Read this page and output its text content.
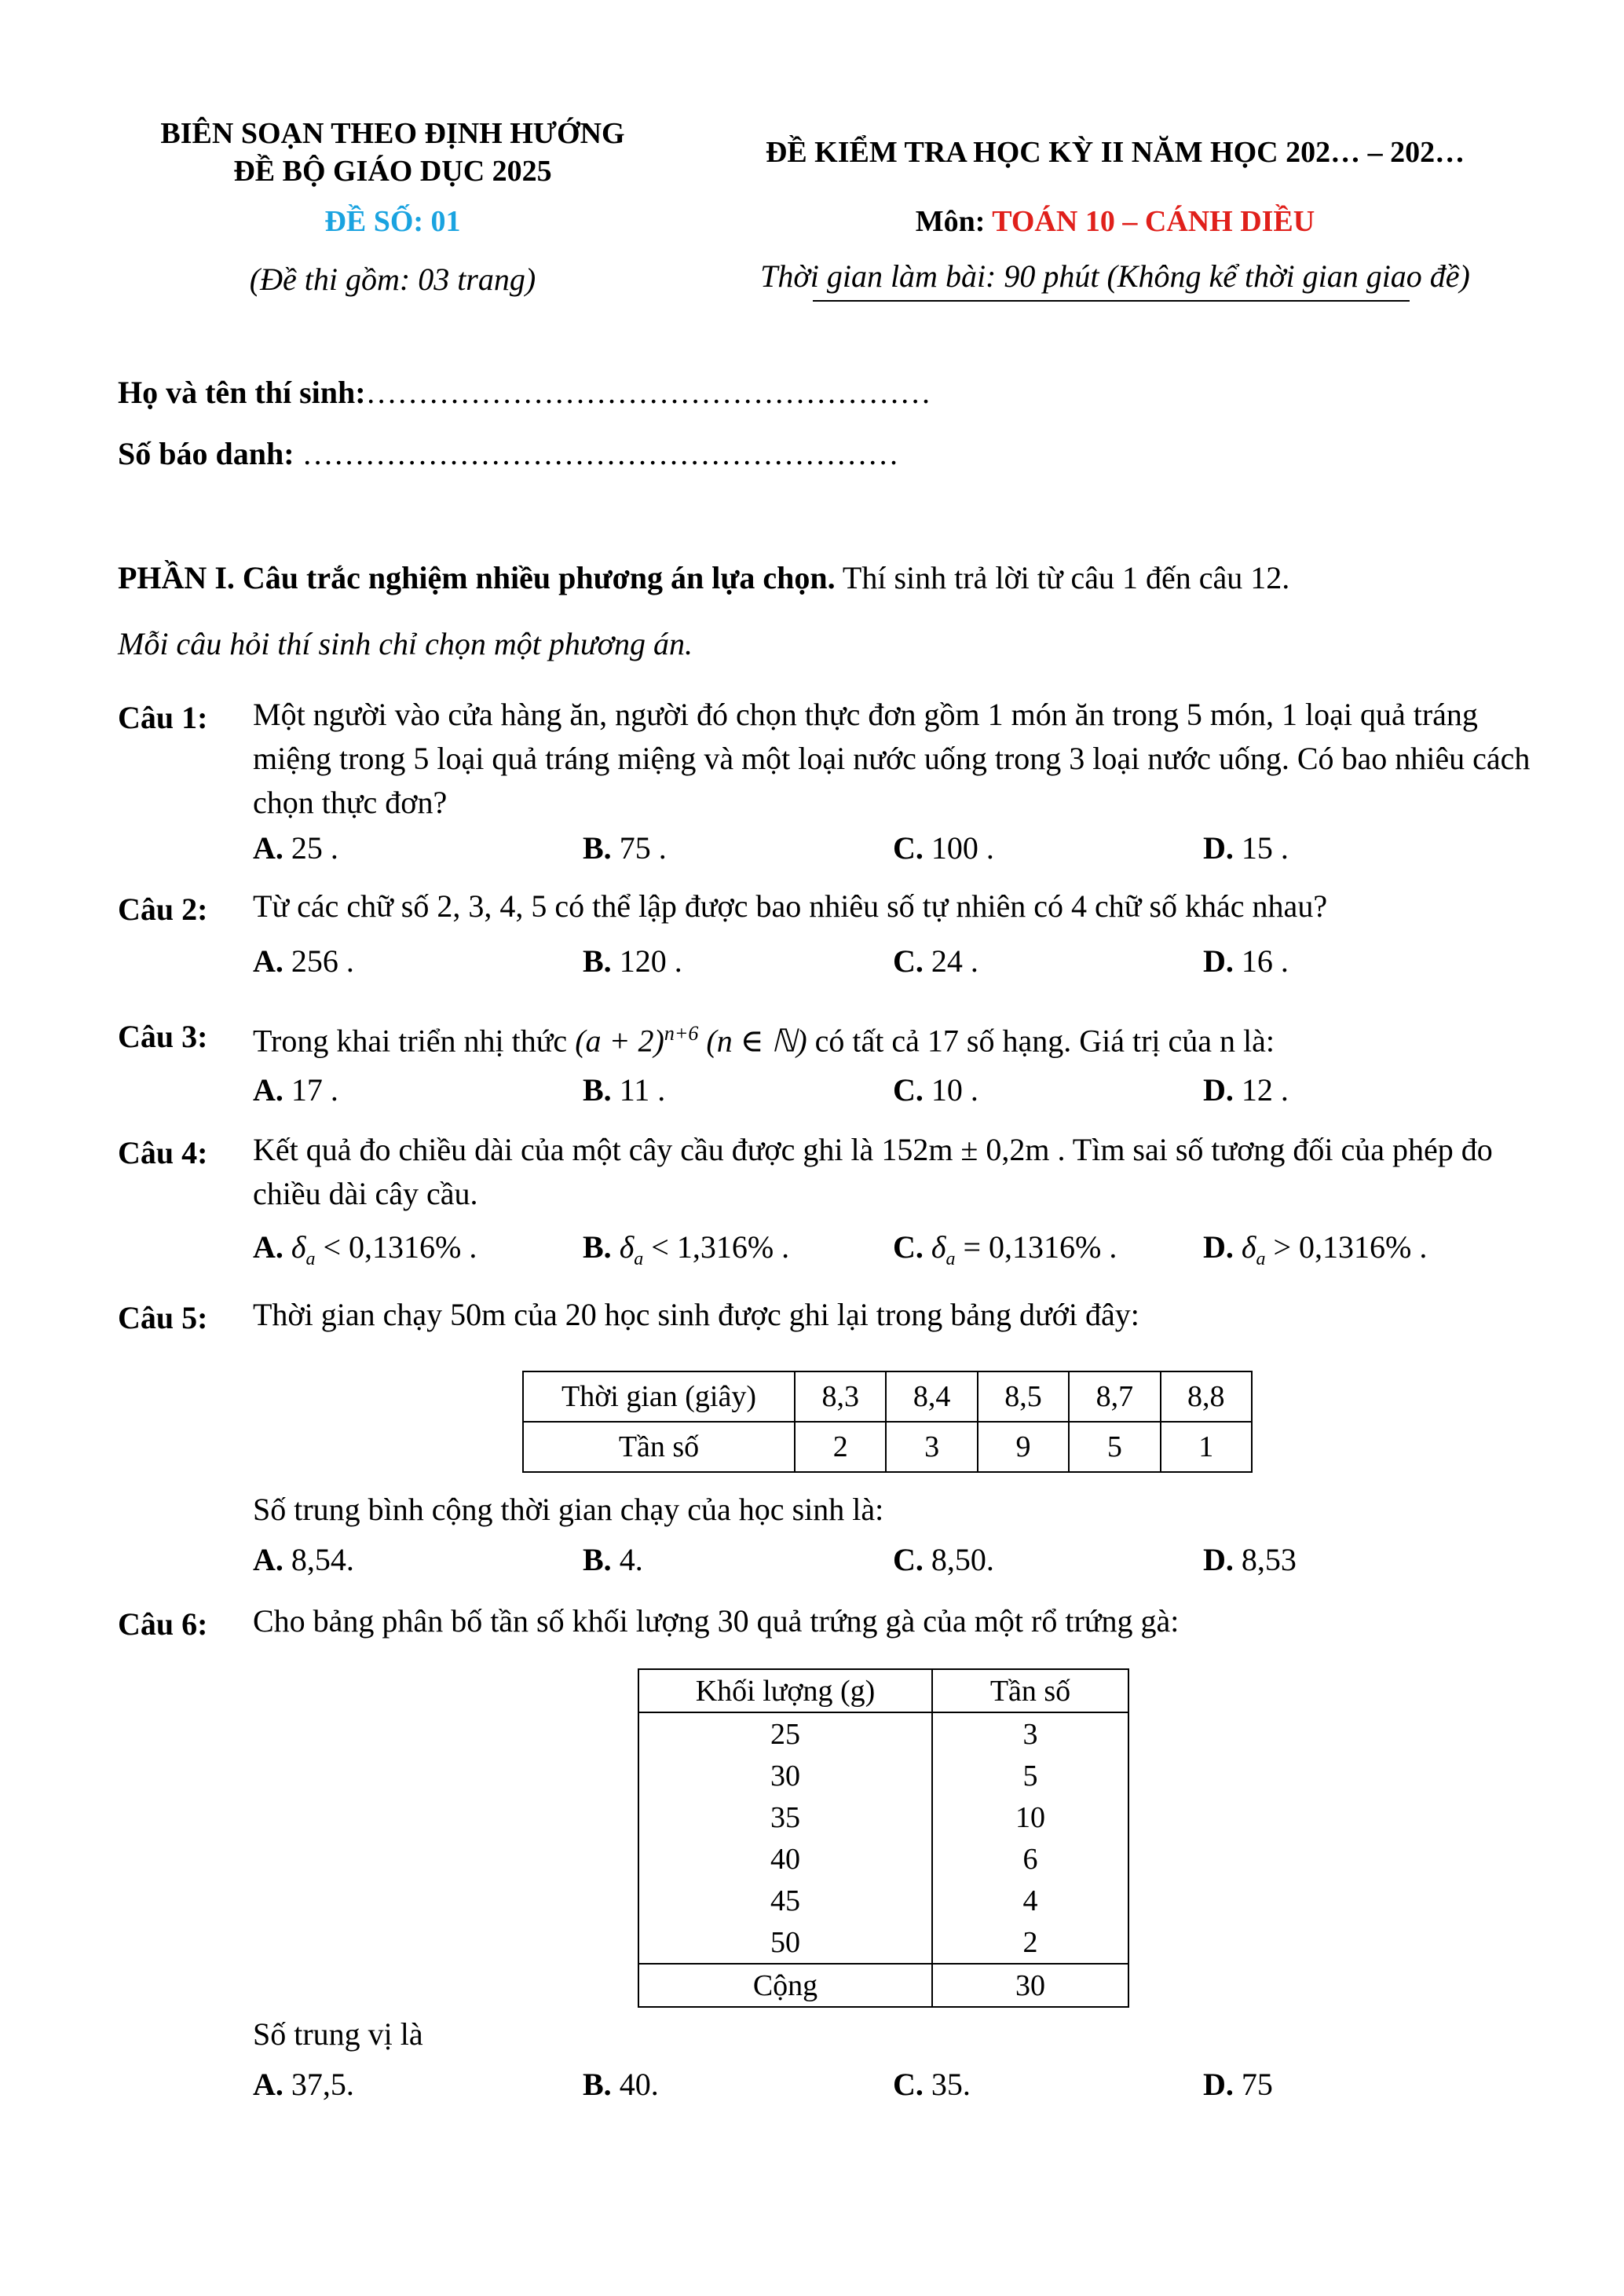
BIÊN SOẠN THEO ĐỊNH HƯỚNG
ĐỀ BỘ GIÁO DỤC 2025
ĐỀ SỐ: 01
(Đề thi gồm: 03 trang)
ĐỀ KIỂM TRA HỌC KỲ II NĂM HỌC 202… – 202…
Môn: TOÁN 10 – CÁNH DIỀU
Thời gian làm bài: 90 phút (Không kể thời gian giao đề)
Họ và tên thí sinh:………………………………………………
Số báo danh: …………………………………………………
PHẦN I. Câu trắc nghiệm nhiều phương án lựa chọn. Thí sinh trả lời từ câu 1 đến câu 12.
Mỗi câu hỏi thí sinh chỉ chọn một phương án.
Câu 1: Một người vào cửa hàng ăn, người đó chọn thực đơn gồm 1 món ăn trong 5 món, 1 loại quả tráng miệng trong 5 loại quả tráng miệng và một loại nước uống trong 3 loại nước uống. Có bao nhiêu cách chọn thực đơn?
A. 25 .	B. 75 .	C. 100 .	D. 15 .
Câu 2: Từ các chữ số 2, 3, 4, 5 có thể lập được bao nhiêu số tự nhiên có 4 chữ số khác nhau?
A. 256 .	B. 120 .	C. 24 .	D. 16 .
Câu 3: Trong khai triển nhị thức $(a + 2)^{n+6}$ (n ∈ ℕ) có tất cả 17 số hạng. Giá trị của n là:
A. 17 .	B. 11 .	C. 10 .	D. 12 .
Câu 4: Kết quả đo chiều dài của một cây cầu được ghi là 152m ± 0,2m . Tìm sai số tương đối của phép đo chiều dài cây cầu.
A. $\delta_a < 0,1316\%$ .	B. $\delta_a < 1,316\%$ .	C. $\delta_a = 0,1316\%$ .	D. $\delta_a > 0,1316\%$ .
Câu 5: Thời gian chạy 50m của 20 học sinh được ghi lại trong bảng dưới đây:
Thời gian (giây)	8,3	8,4	8,5	8,7	8,8
Tần số	2	3	9	5	1
Số trung bình cộng thời gian chạy của học sinh là:
A. 8,54.	B. 4.	C. 8,50.	D. 8,53
Câu 6: Cho bảng phân bố tần số khối lượng 30 quả trứng gà của một rổ trứng gà:
Khối lượng (g)	Tần số
25	3
30	5
35	10
40	6
45	4
50	2
Cộng	30
Số trung vị là
A. 37,5.	B. 40.	C. 35.	D. 75
